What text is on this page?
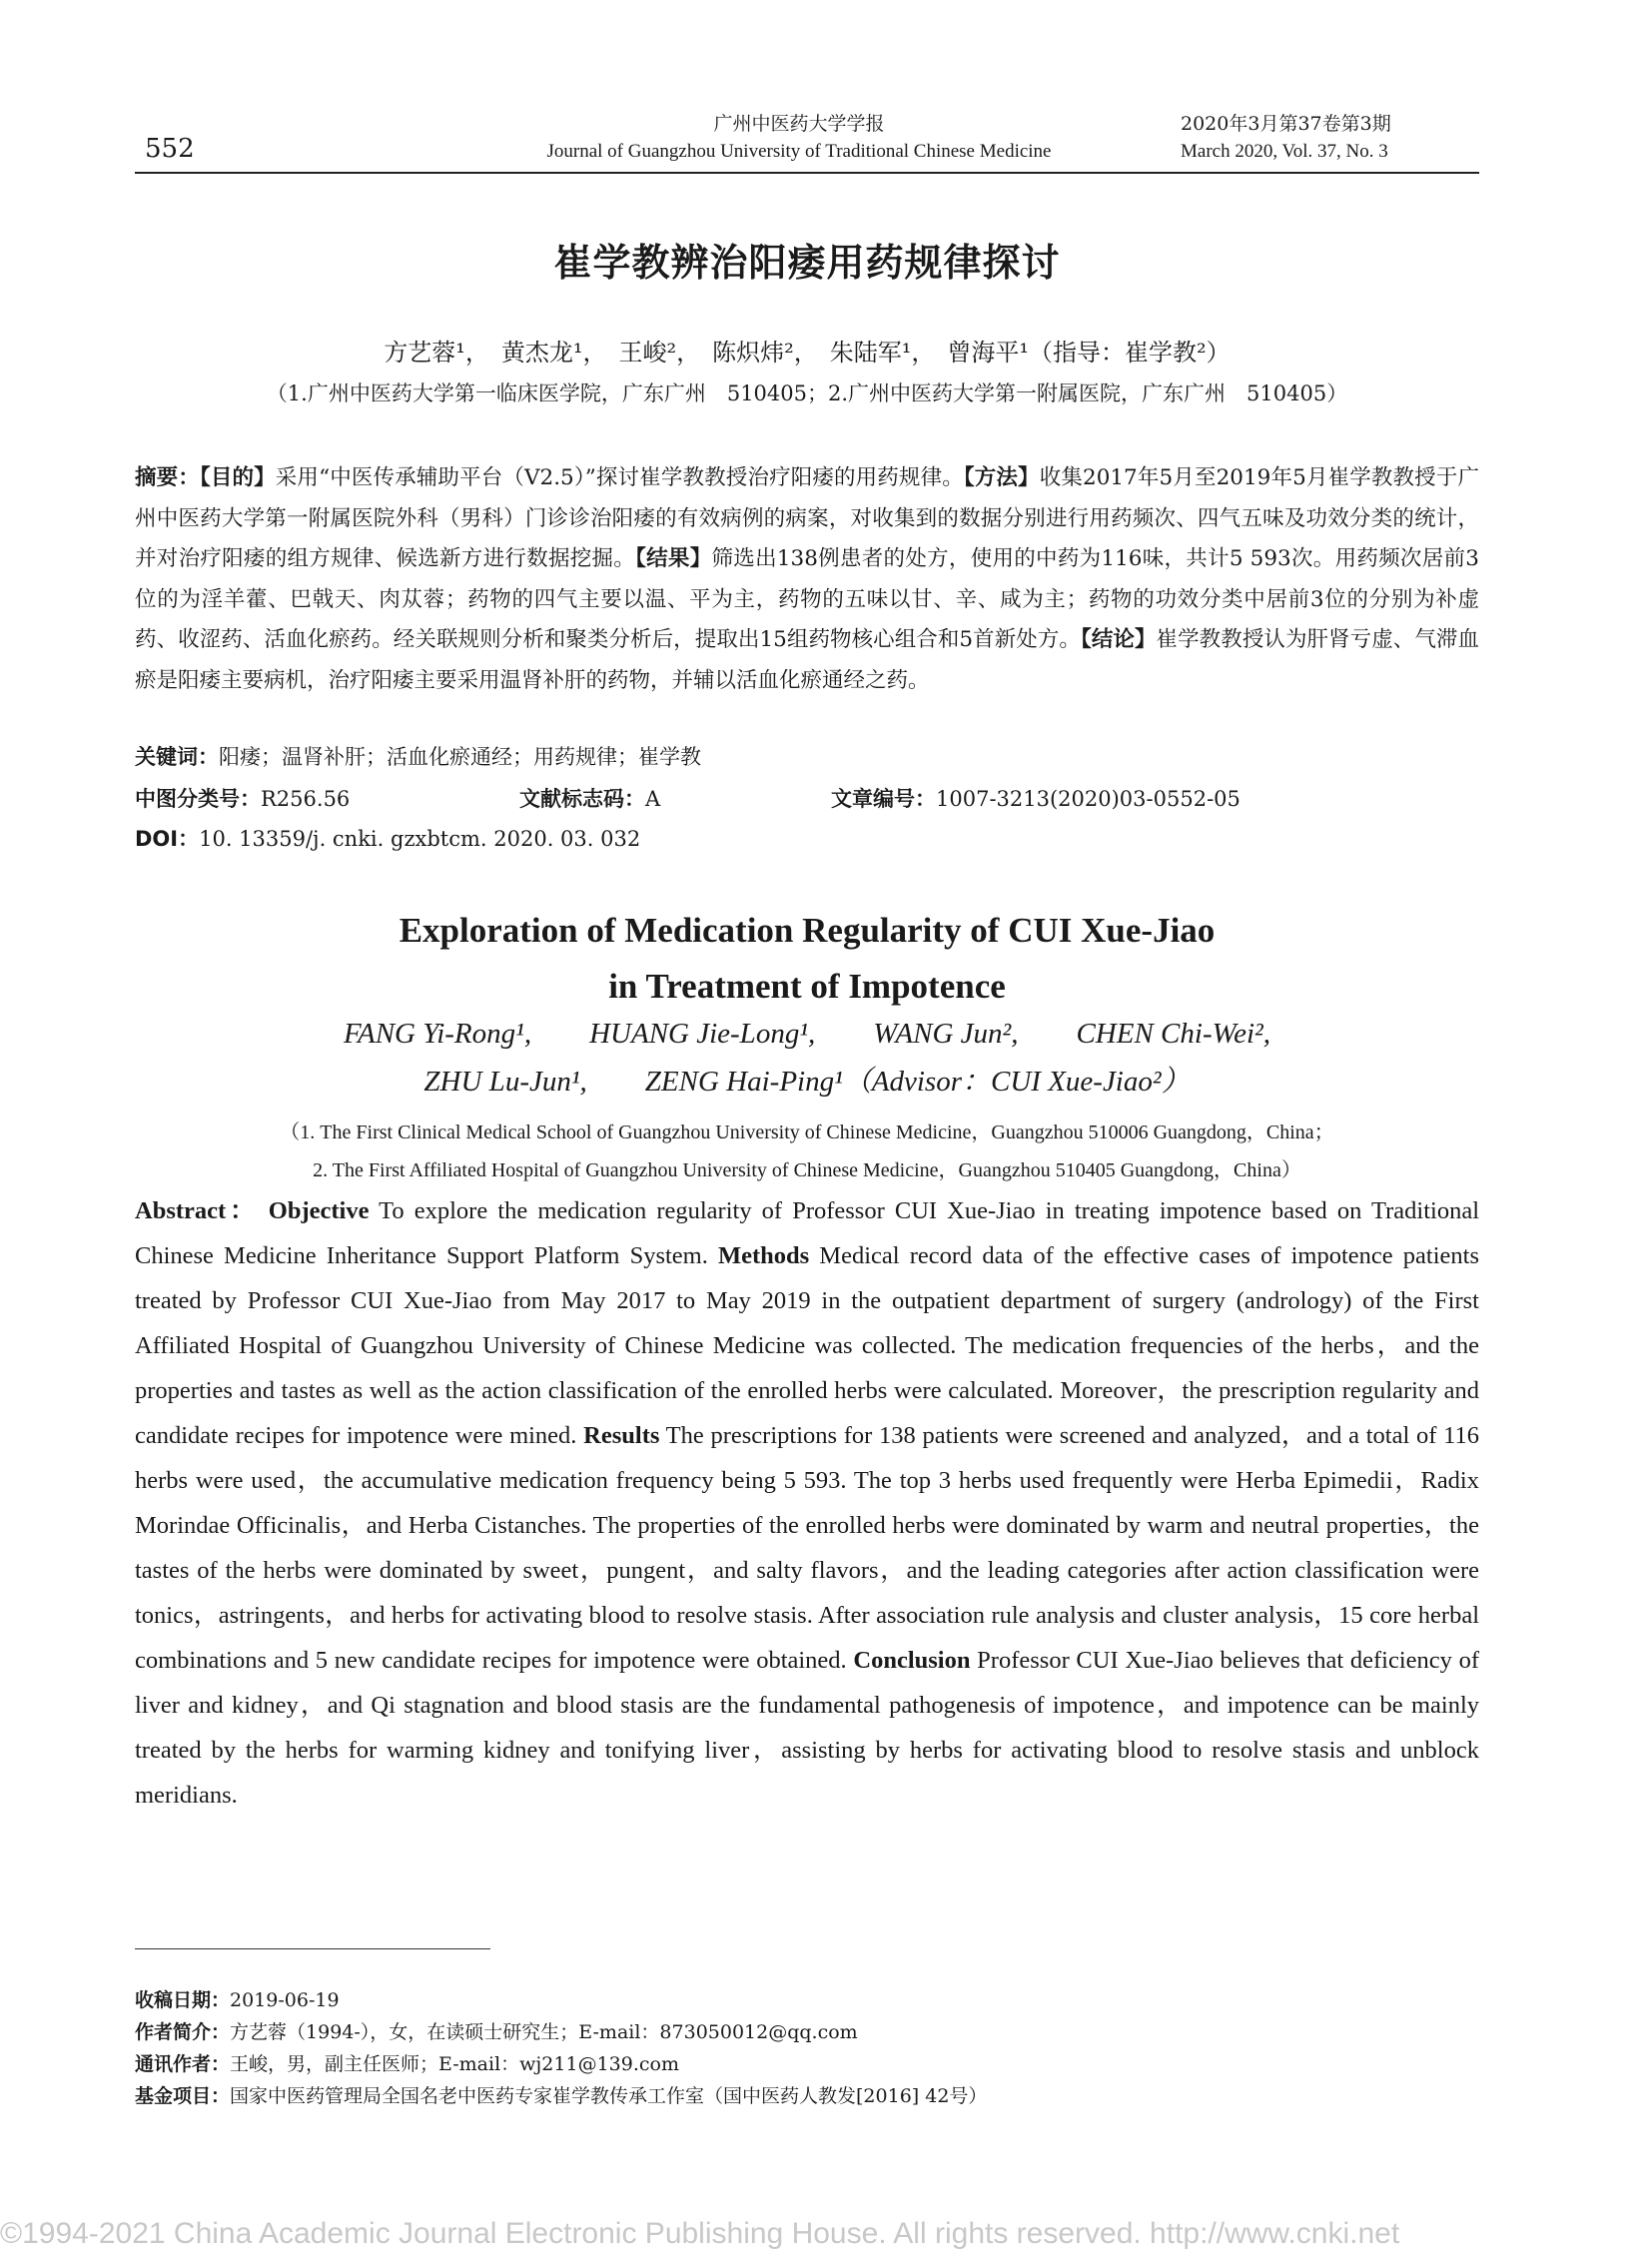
552
广州中医药大学学报
Journal of Guangzhou University of Traditional Chinese Medicine
2020年3月第37卷第3期
March 2020, Vol. 37, No. 3
崔学教辨治阳痿用药规律探讨
方艺蓉¹，　黄杰龙¹，　王峻²，　陈炽炜²，　朱陆军¹，　曾海平¹（指导：崔学教²）
（1.广州中医药大学第一临床医学院，广东广州　510405；2.广州中医药大学第一附属医院，广东广州　510405）
摘要：【目的】采用“中医传承辅助平台（V2.5）”探讨崔学教教授治疗阳痿的用药规律。【方法】收集2017年5月至2019年5月崔学教教授于广州中医药大学第一附属医院外科（男科）门诊诊治阳痿的有效病例的病案，对收集到的数据分别进行用药频次、四气五味及功效分类的统计，并对治疗阳痿的组方规律、候选新方进行数据挖掘。【结果】筛选出138例患者的处方，使用的中药为116味，共计5 593次。用药频次居前3位的为淫羊藿、巴戟天、肉苁蓉；药物的四气主要以温、平为主，药物的五味以甘、辛、咸为主；药物的功效分类中居前3位的分别为补虚药、收涩药、活血化瘀药。经关联规则分析和聚类分析后，提取出15组药物核心组合和5首新处方。【结论】崔学教教授认为肝肾亏虚、气滞血瘀是阳痿主要病机，治疗阳痿主要采用温肾补肝的药物，并辅以活血化瘀通经之药。
关键词：阳痿；温肾补肝；活血化瘀通经；用药规律；崔学教
中图分类号：R256.56	文献标志码：A	文章编号：1007-3213(2020)03-0552-05
DOI：10. 13359/j. cnki. gzxbtcm. 2020. 03. 032
Exploration of Medication Regularity of CUI Xue-Jiao
in Treatment of Impotence
FANG Yi-Rong¹,　　HUANG Jie-Long¹,　　WANG Jun²,　　CHEN Chi-Wei²,
ZHU Lu-Jun¹,　　ZENG Hai-Ping¹（Advisor：CUI Xue-Jiao²）
（1. The First Clinical Medical School of Guangzhou University of Chinese Medicine，Guangzhou 510006 Guangdong，China；
2. The First Affiliated Hospital of Guangzhou University of Chinese Medicine，Guangzhou 510405 Guangdong，China）
Abstract： Objective To explore the medication regularity of Professor CUI Xue-Jiao in treating impotence based on Traditional Chinese Medicine Inheritance Support Platform System. Methods Medical record data of the effective cases of impotence patients treated by Professor CUI Xue-Jiao from May 2017 to May 2019 in the outpatient department of surgery (andrology) of the First Affiliated Hospital of Guangzhou University of Chinese Medicine was collected. The medication frequencies of the herbs，and the properties and tastes as well as the action classification of the enrolled herbs were calculated. Moreover，the prescription regularity and candidate recipes for impotence were mined. Results The prescriptions for 138 patients were screened and analyzed，and a total of 116 herbs were used，the accumulative medication frequency being 5 593. The top 3 herbs used frequently were Herba Epimedii，Radix Morindae Officinalis，and Herba Cistanches. The properties of the enrolled herbs were dominated by warm and neutral properties，the tastes of the herbs were dominated by sweet，pungent，and salty flavors，and the leading categories after action classification were tonics，astringents，and herbs for activating blood to resolve stasis. After association rule analysis and cluster analysis，15 core herbal combinations and 5 new candidate recipes for impotence were obtained. Conclusion Professor CUI Xue-Jiao believes that deficiency of liver and kidney，and Qi stagnation and blood stasis are the fundamental pathogenesis of impotence，and impotence can be mainly treated by the herbs for warming kidney and tonifying liver，assisting by herbs for activating blood to resolve stasis and unblock meridians.
收稿日期：2019-06-19
作者简介：方艺蓉（1994-），女，在读硕士研究生；E-mail：873050012@qq.com
通讯作者：王峻，男，副主任医师；E-mail：wj211@139.com
基金项目：国家中医药管理局全国名老中医药专家崔学教传承工作室（国中医药人教发[2016] 42号）
©1994-2021 China Academic Journal Electronic Publishing House. All rights reserved. http://www.cnki.net
